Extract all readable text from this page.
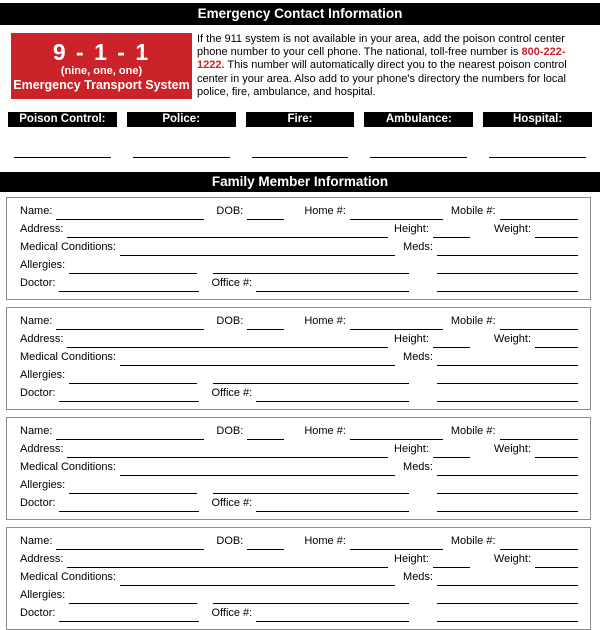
Emergency Contact Information
9 - 1 - 1
(nine, one, one)
Emergency Transport System
If the 911 system is not available in your area, add the poison control center phone number to your cell phone. The national, toll-free number is 800-222-1222. This number will automatically direct you to the nearest poison control center in your area. Also add to your phone's directory the numbers for local police, fire, ambulance, and hospital.
Poison Control:	Police:	Fire:	Ambulance:	Hospital:
Family Member Information
Name:	DOB:	Home #:	Mobile #:
Address:	Height:	Weight:
Medical Conditions:	Meds:
Allergies:
Doctor:	Office #:
Name:	DOB:	Home #:	Mobile #:
Address:	Height:	Weight:
Medical Conditions:	Meds:
Allergies:
Doctor:	Office #:
Name:	DOB:	Home #:	Mobile #:
Address:	Height:	Weight:
Medical Conditions:	Meds:
Allergies:
Doctor:	Office #:
Name:	DOB:	Home #:	Mobile #:
Address:	Height:	Weight:
Medical Conditions:	Meds:
Allergies:
Doctor:	Office #:
